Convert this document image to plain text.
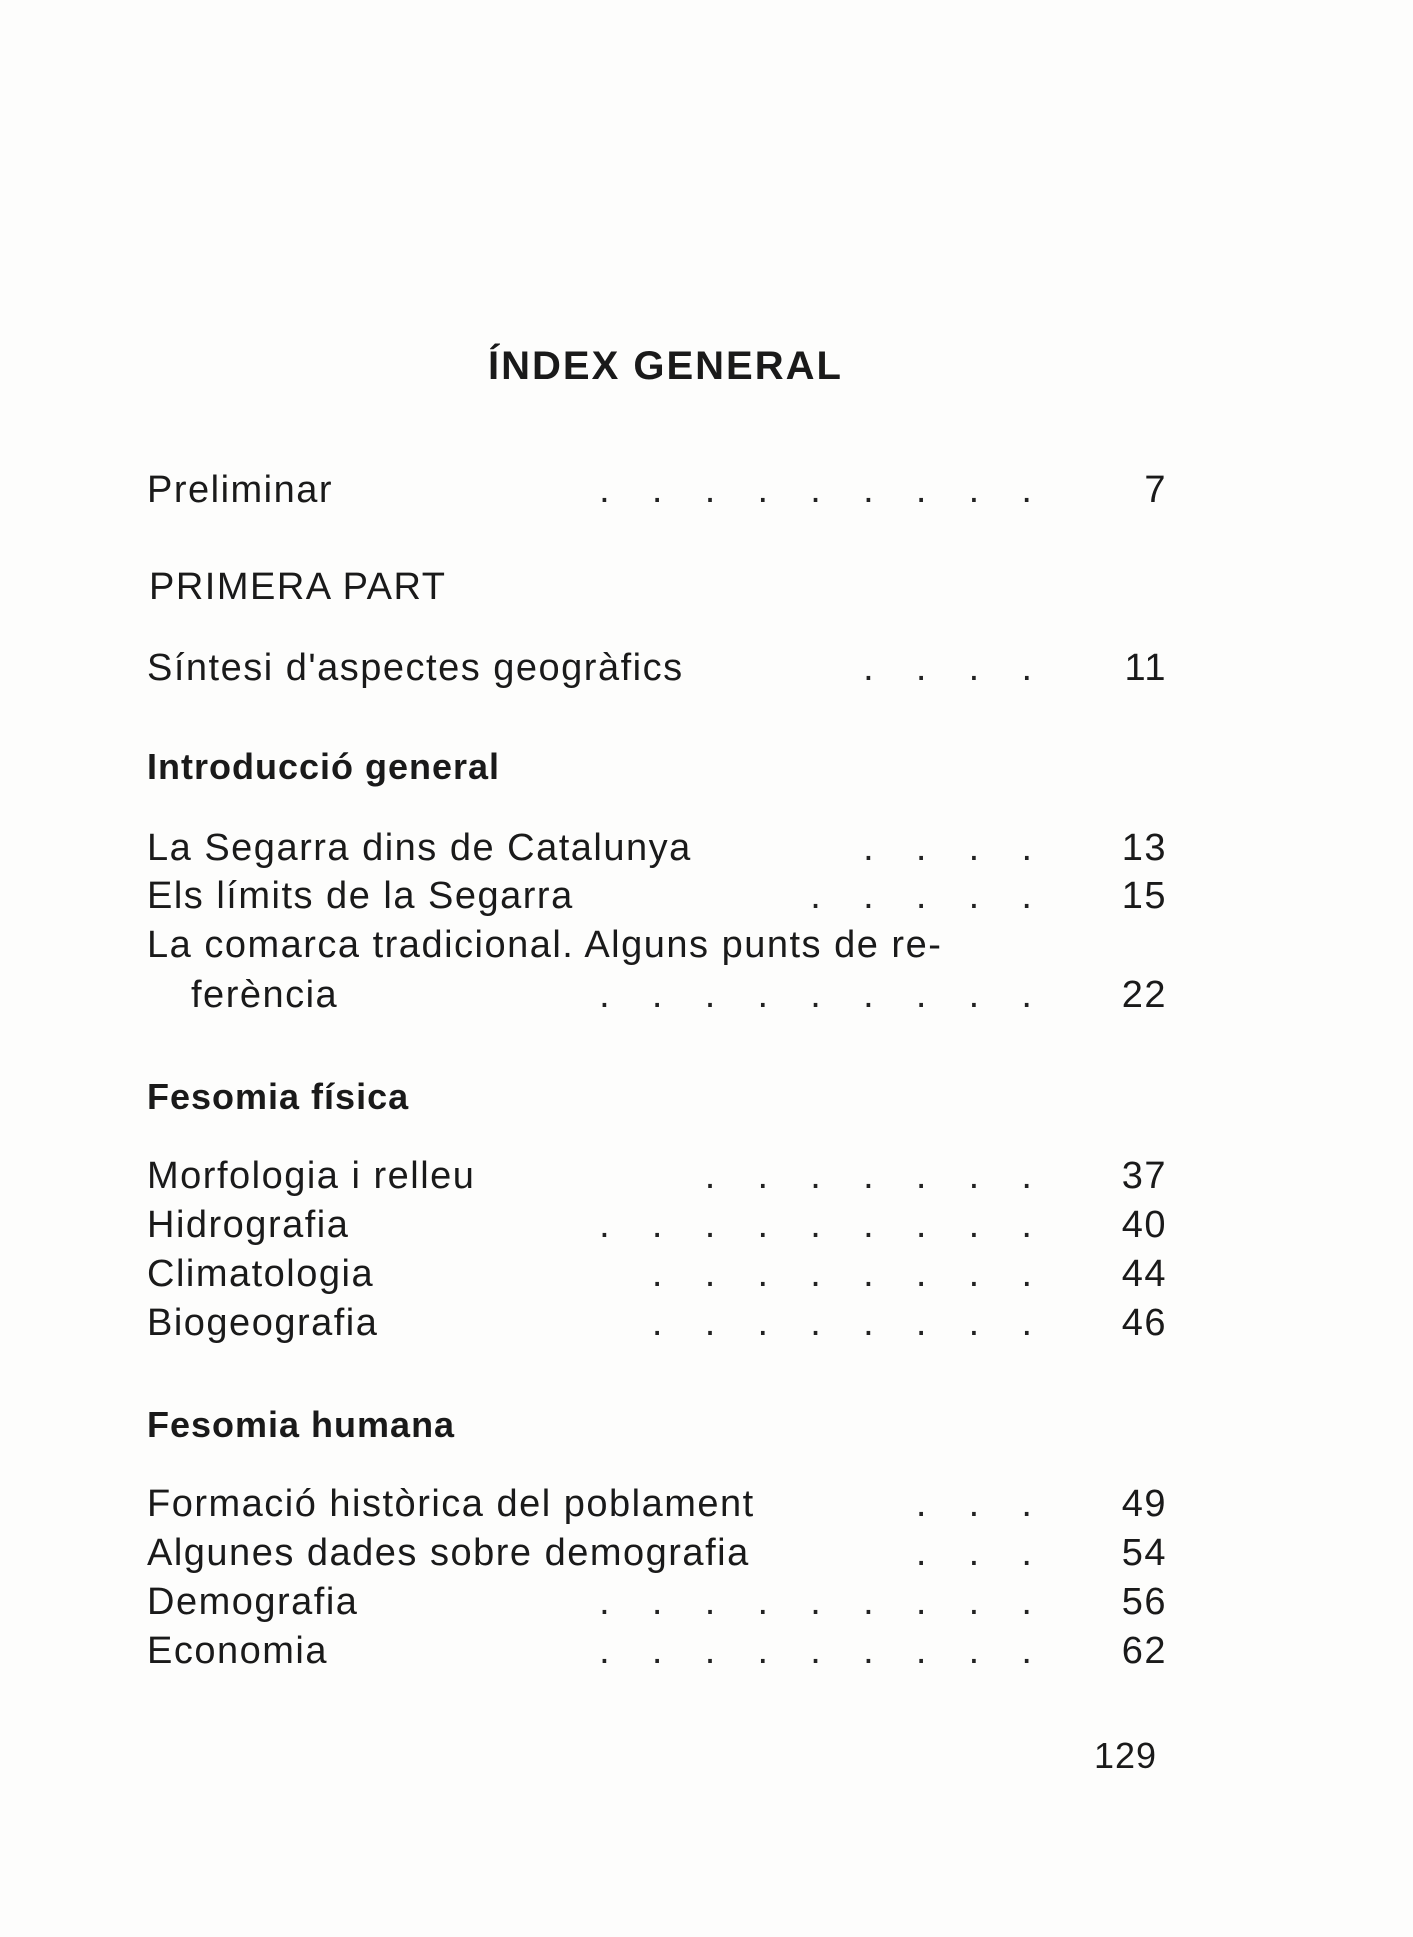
ÍNDEX GENERAL
Preliminar	.    .    .    .    .    .    .    .    .	7
PRIMERA PART
Síntesi d'aspectes geogràfics	.    .    .    . 11
Introducció general
La Segarra dins de Catalunya	.    .    .    . 13
Els límits de la Segarra	.    .    .    .    . 15
La comarca tradicional. Alguns punts de re-
ferència	.    .    .    .    .    .    .    .    . 22
Fesomia física
Morfologia i relleu	.    .    .    .    .    .    . 37
Hidrografia	.    .    .    .    .    .    .    .    . 40
Climatologia	.    .    .    .    .    .    .    . 44
Biogeografia	.    .    .    .    .    .    .    . 46
Fesomia humana
Formació històrica del poblament	.    .    . 49
Algunes dades sobre demografia	.    .    . 54
Demografia	.    .    .    .    .    .    .    .    . 56
Economia	.    .    .    .    .    .    .    .    . 62
129
